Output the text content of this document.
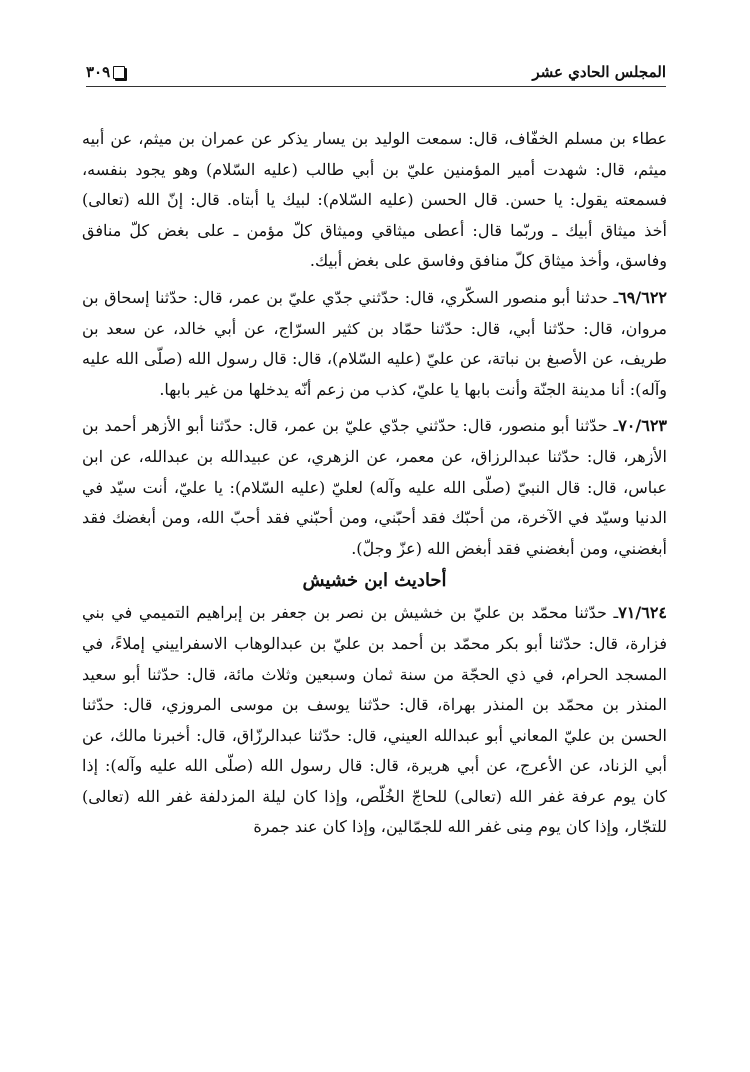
٣٠٩	المجلس الحادي عشر

عطاء بن مسلم الخفّاف، قال: سمعت الوليد بن يسار يذكر عن عمران بن ميثم، عن أبيه ميثم، قال: شهدت أمير المؤمنين عليّ بن أبي طالب (عليه السّلام) وهو يجود بنفسه، فسمعته يقول: يا حسن. قال الحسن (عليه السّلام): لبيك يا أبتاه. قال: إنّ الله (تعالى) أخذ ميثاق أبيك ـ وربّما قال: أعطى ميثاقي وميثاق كلّ مؤمن ـ على بغض كلّ منافق وفاسق، وأخذ ميثاق كلّ منافق وفاسق على بغض أبيك.

٦٩/٦٢٢ـ حدثنا أبو منصور السكّري، قال: حدّثني جدّي عليّ بن عمر، قال: حدّثنا إسحاق بن مروان، قال: حدّثنا أبي، قال: حدّثنا حمّاد بن كثير السرّاج، عن أبي خالد، عن سعد بن طريف، عن الأصبغ بن نباتة، عن عليّ (عليه السّلام)، قال: قال رسول الله (صلّى الله عليه وآله): أنا مدينة الجنّة وأنت بابها يا عليّ، كذب من زعم أنّه يدخلها من غير بابها.

٧٠/٦٢٣ـ حدّثنا أبو منصور، قال: حدّثني جدّي عليّ بن عمر، قال: حدّثنا أبو الأزهر أحمد بن الأزهر، قال: حدّثنا عبدالرزاق، عن معمر، عن الزهري، عن عبيدالله بن عبدالله، عن ابن عباس، قال: قال النبيّ (صلّى الله عليه وآله) لعليّ (عليه السّلام): يا عليّ، أنت سيّد في الدنيا وسيّد في الآخرة، من أحبّك فقد أحبّني، ومن أحبّني فقد أحبّ الله، ومن أبغضك فقد أبغضني، ومن أبغضني فقد أبغض الله (عزّ وجلّ).

أحاديث ابن خشيش

٧١/٦٢٤ـ حدّثنا محمّد بن عليّ بن خشيش بن نصر بن جعفر بن إبراهيم التميمي في بني فزارة، قال: حدّثنا أبو بكر محمّد بن أحمد بن عليّ بن عبدالوهاب الاسفراييني إملاءً، في المسجد الحرام، في ذي الحجّة من سنة ثمان وسبعين وثلاث مائة، قال: حدّثنا أبو سعيد المنذر بن محمّد بن المنذر بهراة، قال: حدّثنا يوسف بن موسى المروزي، قال: حدّثنا الحسن بن عليّ المعاني أبو عبدالله العيني، قال: حدّثنا عبدالرزّاق، قال: أخبرنا مالك، عن أبي الزناد، عن الأعرج، عن أبي هريرة، قال: قال رسول الله (صلّى الله عليه وآله): إذا كان يوم عرفة غفر الله (تعالى) للحاجّ الخُلّص، وإذا كان ليلة المزدلفة غفر الله (تعالى) للتجّار، وإذا كان يوم مِنى غفر الله للجمّالين، وإذا كان عند جمرة
